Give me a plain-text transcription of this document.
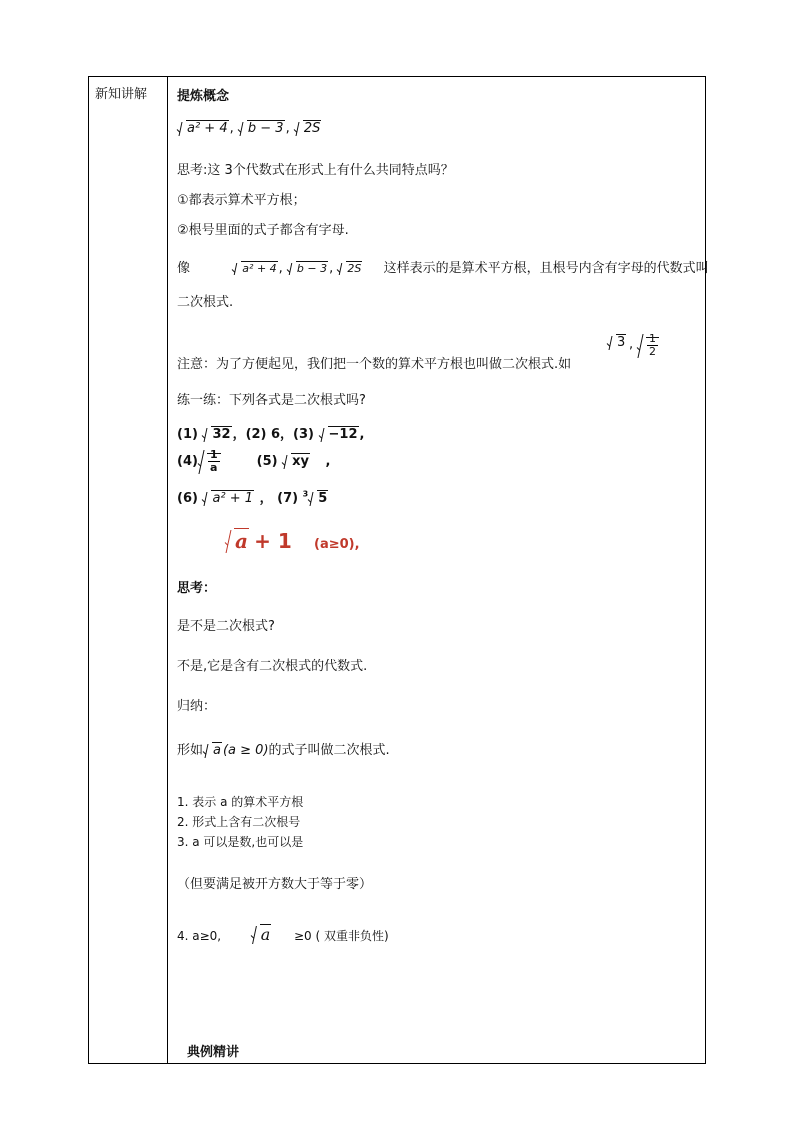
新知讲解 提炼概念
a² + 4 ,
b − 3 ,
2S
思考:这 3个代数式在形式上有什么共同特点吗？
①都表示算术平方根；
②根号里面的式子都含有字母.
像	a² + 4 ,
b − 3 ,
2S 这样表示的是算术平方根，且根号内含有字母的代数式叫
二次根式.
注意：为了方便起见，我们把一个数的算术平方根也叫做二次根式.如
3 , $\frac{1}{2}$
练一练：下列各式是二次根式吗?
(1) 32 ，(2) 6，(3) −12 ,
$(4) \frac{1}{a}$	(5) xy ,
(6) a² + 1 ， (7) $^3$ 5
a + 1 (a≥0),
思考：
是不是二次根式?
不是,它是含有二次根式的代数式.
归纳：
形如 a (a ≥ 0)的式子叫做二次根式.
1. 表示 a 的算术平方根
2. 形式上含有二次根号
3. a 可以是数,也可以是
（但要满足被开方数大于等于零）
4. a≥0, a ≥0 ( 双重非负性)
典例精讲
